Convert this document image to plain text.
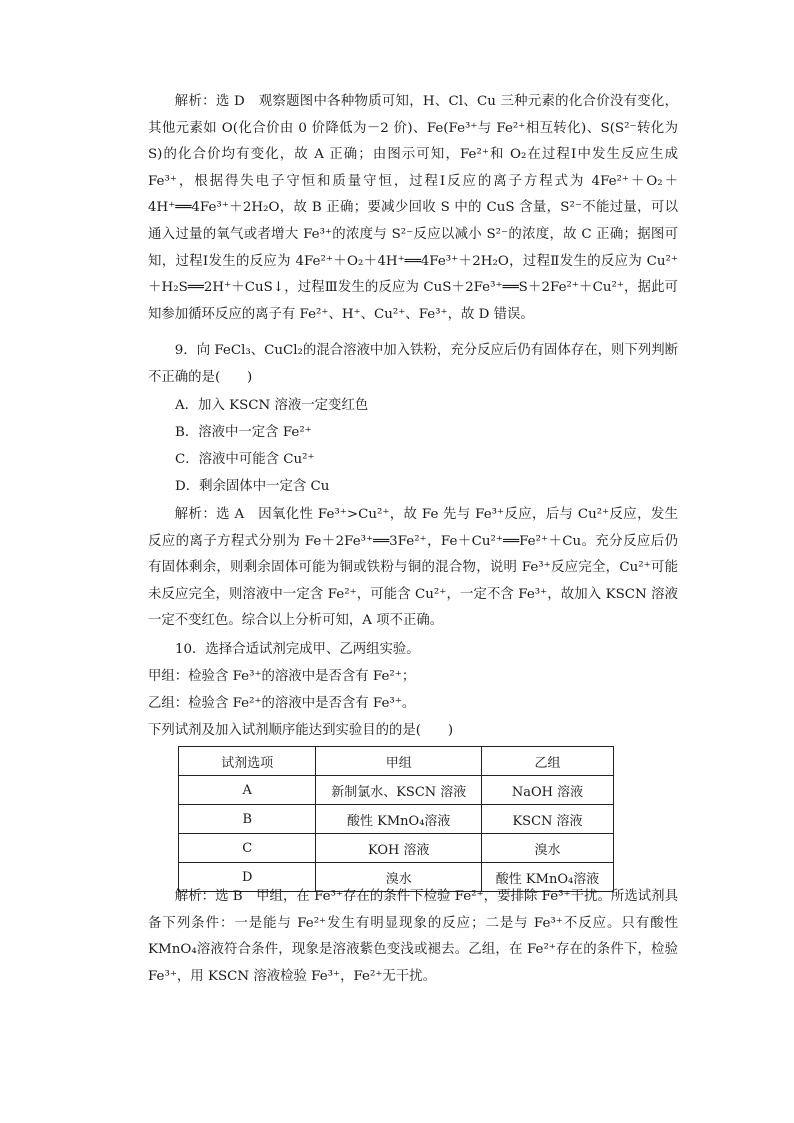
解析：选 D　观察题图中各种物质可知，H、Cl、Cu 三种元素的化合价没有变化，其他元素如 O(化合价由 0 价降低为－2 价)、Fe(Fe³⁺与 Fe²⁺相互转化)、S(S²⁻转化为 S)的化合价均有变化，故 A 正确；由图示可知，Fe²⁺和 O₂在过程Ⅰ中发生反应生成 Fe³⁺，根据得失电子守恒和质量守恒，过程Ⅰ反应的离子方程式为 4Fe²⁺＋O₂＋4H⁺══4Fe³⁺＋2H₂O，故 B 正确；要减少回收 S 中的 CuS 含量，S²⁻不能过量，可以通入过量的氧气或者增大 Fe³⁺的浓度与 S²⁻反应以减小 S²⁻的浓度，故 C 正确；据图可知，过程Ⅰ发生的反应为 4Fe²⁺＋O₂＋4H⁺══4Fe³⁺＋2H₂O，过程Ⅱ发生的反应为 Cu²⁺＋H₂S══2H⁺＋CuS↓，过程Ⅲ发生的反应为 CuS＋2Fe³⁺══S＋2Fe²⁺＋Cu²⁺，据此可知参加循环反应的离子有 Fe²⁺、H⁺、Cu²⁺、Fe³⁺，故 D 错误。

9．向 FeCl₃、CuCl₂的混合溶液中加入铁粉，充分反应后仍有固体存在，则下列判断不正确的是(　　)

A．加入 KSCN 溶液一定变红色

B．溶液中一定含 Fe²⁺

C．溶液中可能含 Cu²⁺

D．剩余固体中一定含 Cu

解析：选 A　因氧化性 Fe³⁺>Cu²⁺，故 Fe 先与 Fe³⁺反应，后与 Cu²⁺反应，发生反应的离子方程式分别为 Fe＋2Fe³⁺══3Fe²⁺，Fe＋Cu²⁺══Fe²⁺＋Cu。充分反应后仍有固体剩余，则剩余固体可能为铜或铁粉与铜的混合物，说明 Fe³⁺反应完全，Cu²⁺可能未反应完全，则溶液中一定含 Fe²⁺，可能含 Cu²⁺，一定不含 Fe³⁺，故加入 KSCN 溶液一定不变红色。综合以上分析可知，A 项不正确。

10．选择合适试剂完成甲、乙两组实验。

甲组：检验含 Fe³⁺的溶液中是否含有 Fe²⁺；

乙组：检验含 Fe²⁺的溶液中是否含有 Fe³⁺。

下列试剂及加入试剂顺序能达到实验目的的是(　　)

试剂选项	甲组	乙组
A	新制氯水、KSCN 溶液	NaOH 溶液
B	酸性 KMnO₄溶液	KSCN 溶液
C	KOH 溶液	溴水
D	溴水	酸性 KMnO₄溶液

解析：选 B　甲组，在 Fe³⁺存在的条件下检验 Fe²⁺，要排除 Fe³⁺干扰。所选试剂具备下列条件：一是能与 Fe²⁺发生有明显现象的反应；二是与 Fe³⁺不反应。只有酸性 KMnO₄溶液符合条件，现象是溶液紫色变浅或褪去。乙组，在 Fe²⁺存在的条件下，检验 Fe³⁺，用 KSCN 溶液检验 Fe³⁺，Fe²⁺无干扰。
